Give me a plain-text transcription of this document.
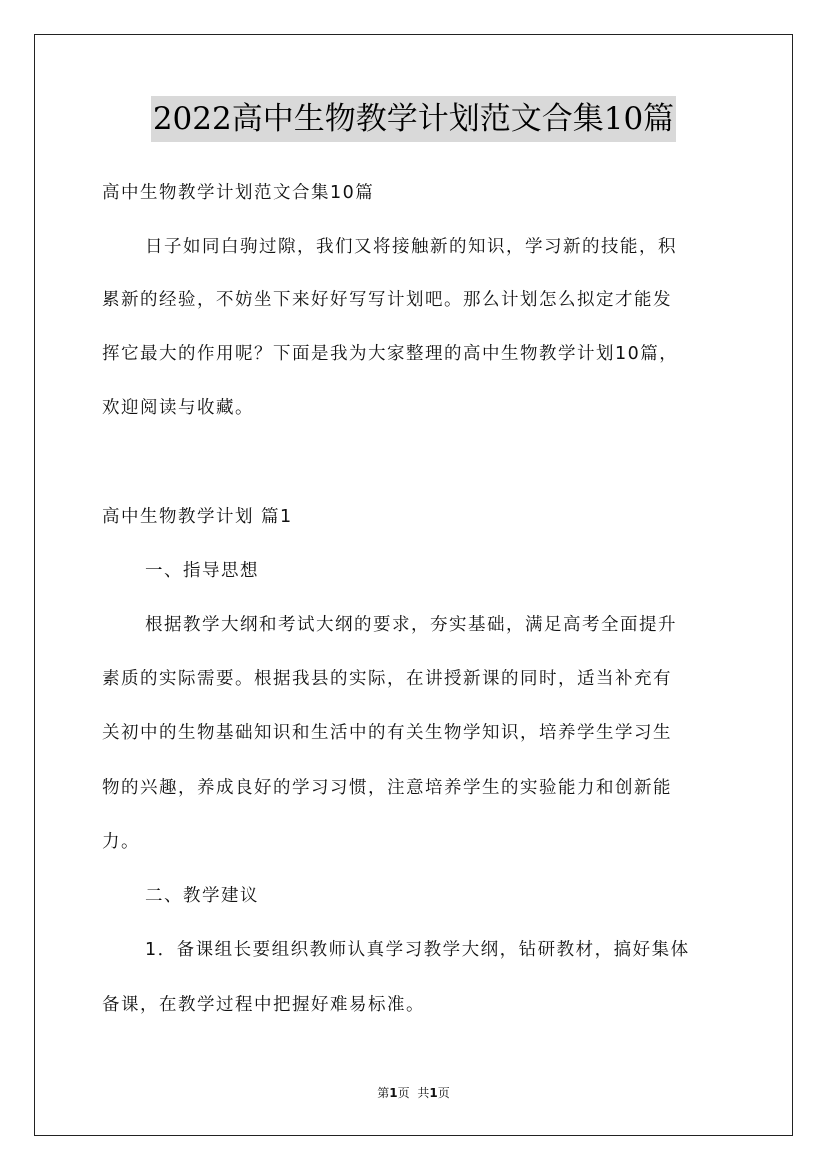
2022高中生物教学计划范文合集10篇
高中生物教学计划范文合集10篇
日子如同白驹过隙，我们又将接触新的知识，学习新的技能，积
累新的经验，不妨坐下来好好写写计划吧。那么计划怎么拟定才能发
挥它最大的作用呢？下面是我为大家整理的高中生物教学计划10篇，
欢迎阅读与收藏。
高中生物教学计划 篇1
一、指导思想
根据教学大纲和考试大纲的要求，夯实基础，满足高考全面提升
素质的实际需要。根据我县的实际，在讲授新课的同时，适当补充有
关初中的生物基础知识和生活中的有关生物学知识，培养学生学习生
物的兴趣，养成良好的学习习惯，注意培养学生的实验能力和创新能
力。
二、教学建议
1．备课组长要组织教师认真学习教学大纲，钻研教材，搞好集体
备课，在教学过程中把握好难易标准。
第1页 共1页
